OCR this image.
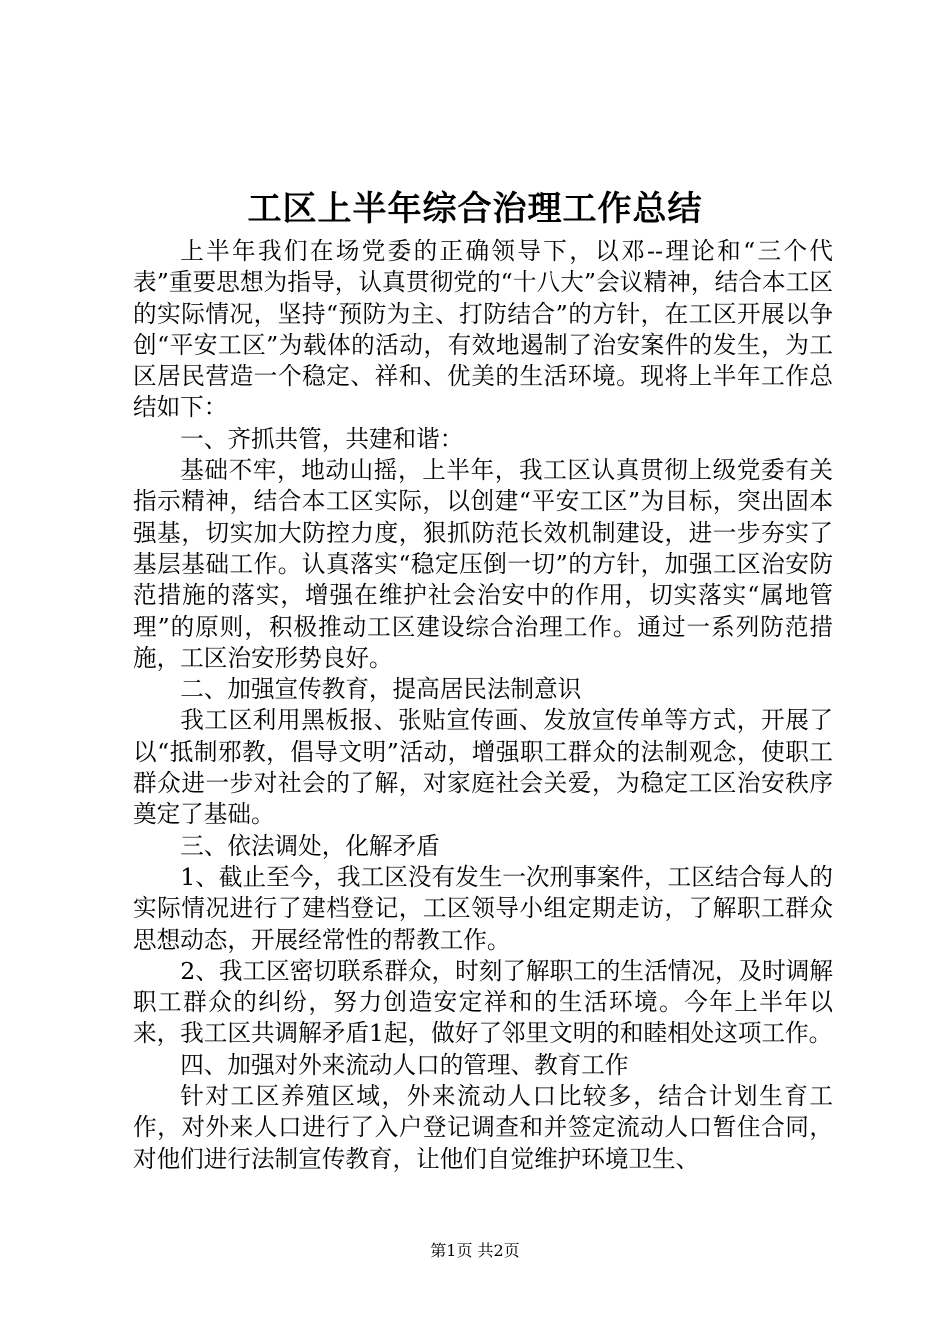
工区上半年综合治理工作总结

上半年我们在场党委的正确领导下，以邓--理论和“三个代表”重要思想为指导，认真贯彻党的“十八大”会议精神，结合本工区的实际情况，坚持“预防为主、打防结合”的方针，在工区开展以争创“平安工区”为载体的活动，有效地遏制了治安案件的发生，为工区居民营造一个稳定、祥和、优美的生活环境。现将上半年工作总结如下：

一、齐抓共管，共建和谐：

基础不牢，地动山摇，上半年，我工区认真贯彻上级党委有关指示精神，结合本工区实际，以创建“平安工区”为目标，突出固本强基，切实加大防控力度，狠抓防范长效机制建设，进一步夯实了基层基础工作。认真落实“稳定压倒一切”的方针，加强工区治安防范措施的落实，增强在维护社会治安中的作用，切实落实“属地管理”的原则，积极推动工区建设综合治理工作。通过一系列防范措施，工区治安形势良好。

二、加强宣传教育，提高居民法制意识

我工区利用黑板报、张贴宣传画、发放宣传单等方式，开展了以“抵制邪教，倡导文明”活动，增强职工群众的法制观念，使职工群众进一步对社会的了解，对家庭社会关爱，为稳定工区治安秩序奠定了基础。

三、依法调处，化解矛盾

1、截止至今，我工区没有发生一次刑事案件，工区结合每人的实际情况进行了建档登记，工区领导小组定期走访，了解职工群众思想动态，开展经常性的帮教工作。

2、我工区密切联系群众，时刻了解职工的生活情况，及时调解职工群众的纠纷，努力创造安定祥和的生活环境。今年上半年以来，我工区共调解矛盾1起，做好了邻里文明的和睦相处这项工作。

四、加强对外来流动人口的管理、教育工作

针对工区养殖区域，外来流动人口比较多，结合计划生育工作，对外来人口进行了入户登记调查和并签定流动人口暂住合同，对他们进行法制宣传教育，让他们自觉维护环境卫生、

第1页 共2页
